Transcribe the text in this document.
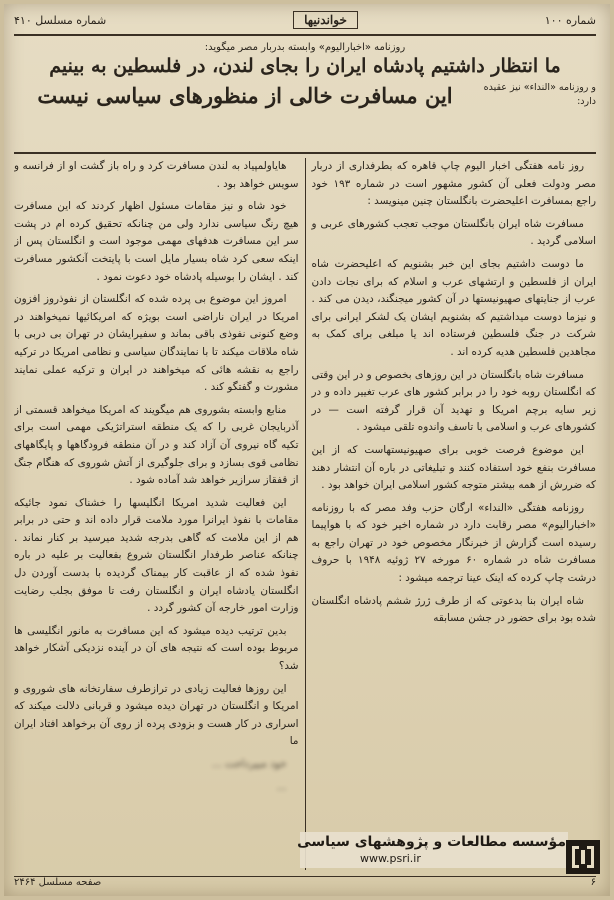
شماره ۱۰۰
خواندنیها
شماره مسلسل ۴۱۰
روزنامه «اخبارالیوم» وابسته بدربار مصر میگوید:
ما انتظار داشتیم پادشاه ایران را بجای لندن، در فلسطین به بینیم
و روزنامه «النداء» نیز عقیده دارد:
این مسافرت خالی از منظورهای سیاسی نیست

روز نامه هفتگی اخبار الیوم چاپ قاهره که بطرفداری از دربار مصر ودولت فعلی آن کشور مشهور است در شماره ۱۹۳ خود راجع بمسافرت اعلیحضرت بانگلستان چنین مینویسد :

مسافرت شاه ایران بانگلستان موجب تعجب کشورهای عربی و اسلامی گردید .

ما دوست داشتیم بجای این خبر بشنویم که اعلیحضرت شاه ایران از فلسطین و ارتشهای عرب و اسلام که برای نجات دادن عرب از جنایتهای صهیونیستها در آن کشور میجنگند، دیدن می کند . و نیزما دوست میداشتیم که بشنویم ایشان یک لشکر ایرانی برای شرکت در جنگ فلسطین فرستاده اند یا مبلغی برای کمک به مجاهدین فلسطین هدیه کرده اند .

مسافرت شاه بانگلستان در این روزهای بخصوص و در این وقتی که انگلستان روبه خود را در برابر کشور های عرب تغییر داده و در زیر سایه برچم امریکا و تهدید آن قرار گرفته است — در کشورهای عرب و اسلامی با تاسف واندوه تلقی میشود .

این موضوع فرصت خوبی برای صهیونیستهاست که از این مسافرت بنفع خود استفاده کنند و تبلیغاتی در باره آن انتشار دهند که ضررش از همه بیشتر متوجه کشور اسلامی ایران خواهد بود .

روزنامه هفتگی «النداء» ارگان حزب وفد مصر که با روزنامه «اخبارالیوم» مصر رقابت دارد در شماره اخیر خود که با هواپیما رسیده است گزارش از خبرنگار مخصوص خود در تهران راجع به مسافرت شاه در شماره ۶۰ مورخه ۲۷ ژوئیه ۱۹۴۸ با حروف درشت چاپ کرده که اینک عینا ترجمه میشود :

شاه ایران بنا بدعوتی که از طرف ژرژ ششم پادشاه انگلستان شده بود برای حضور در جشن مسابقه

هایاولمپیاد به لندن مسافرت کرد و راه باز گشت او از فرانسه و سویس خواهد بود .

خود شاه و نیز مقامات مسئول اظهار کردند که این مسافرت هیچ رنگ سیاسی ندارد ولی من چنانکه تحقیق کرده ام در پشت سر این مسافرت هدفهای مهمی موجود است و انگلستان پس از اینکه سعی کرد شاه بسیار مایل است با پایتخت آنکشور مسافرت کند . ایشان را بوسیله پادشاه خود دعوت نمود .

امروز این موضوع بی پرده شده که انگلستان از نفوذروز افزون امریکا در ایران ناراضی است بویژه که امریکائیها نمیخواهند در وضع کنونی نفوذی باقی بماند و سفیرایشان در تهران بی دربی با شاه ملاقات میکند تا با نمایندگان سیاسی و نظامی امریکا در ترکیه راجع به نقشه هائی که میخواهند در ایران و ترکیه عملی نمایند مشورت و گفتگو کند .

منابع وابسته بشوروی هم میگویند که امریکا میخواهد قسمتی از آذربایجان غربی را که یک منطقه استراتژیکی مهمی است برای تکیه گاه نیروی آن آزاد کند و در آن منطقه فرودگاهها و پایگاههای نظامی قوی بسازد و برای جلوگیری از آتش شوروی که هنگام جنگ از قفقاز سرازیر خواهد شد آماده شود .

این فعالیت شدید امریکا انگلیسها را خشناک نمود جائیکه مقامات با نفوذ ایرانرا مورد ملامت قرار داده اند و حتی در برابر هم از این ملامت که گاهی بدرجه شدید میرسید بر کنار نماند . چنانکه عناصر طرفدار انگلستان شروع بفعالیت بر علیه در باره نفوذ شده که از عاقبت کار بیمناک گردیده با بدست آوردن دل انگلستان یادشاه ایران و انگلستان رفت تا موفق بجلب رضایت وزارت امور خارجه آن کشور گردد .

بدین ترتیب دیده میشود که این مسافرت به مانور انگلیسی ها مربوط بوده است که نتیجه های آن در آینده نزدیکی آشکار خواهد شد؟

این روزها فعالیت زیادی در ترازطرف سفارتخانه های شوروی و امریکا و انگلستان در تهران دیده میشود و قربانی دلالت میکند که اسراری در کار هست و بزودی پرده از روی آن برخواهد افتاد ایران ما

خود میپرداخت ...

...

مؤسسه مطالعات و پژوهشهای سیاسی
www.psri.ir
۶
صفحه مسلسل ۲۴۶۴
